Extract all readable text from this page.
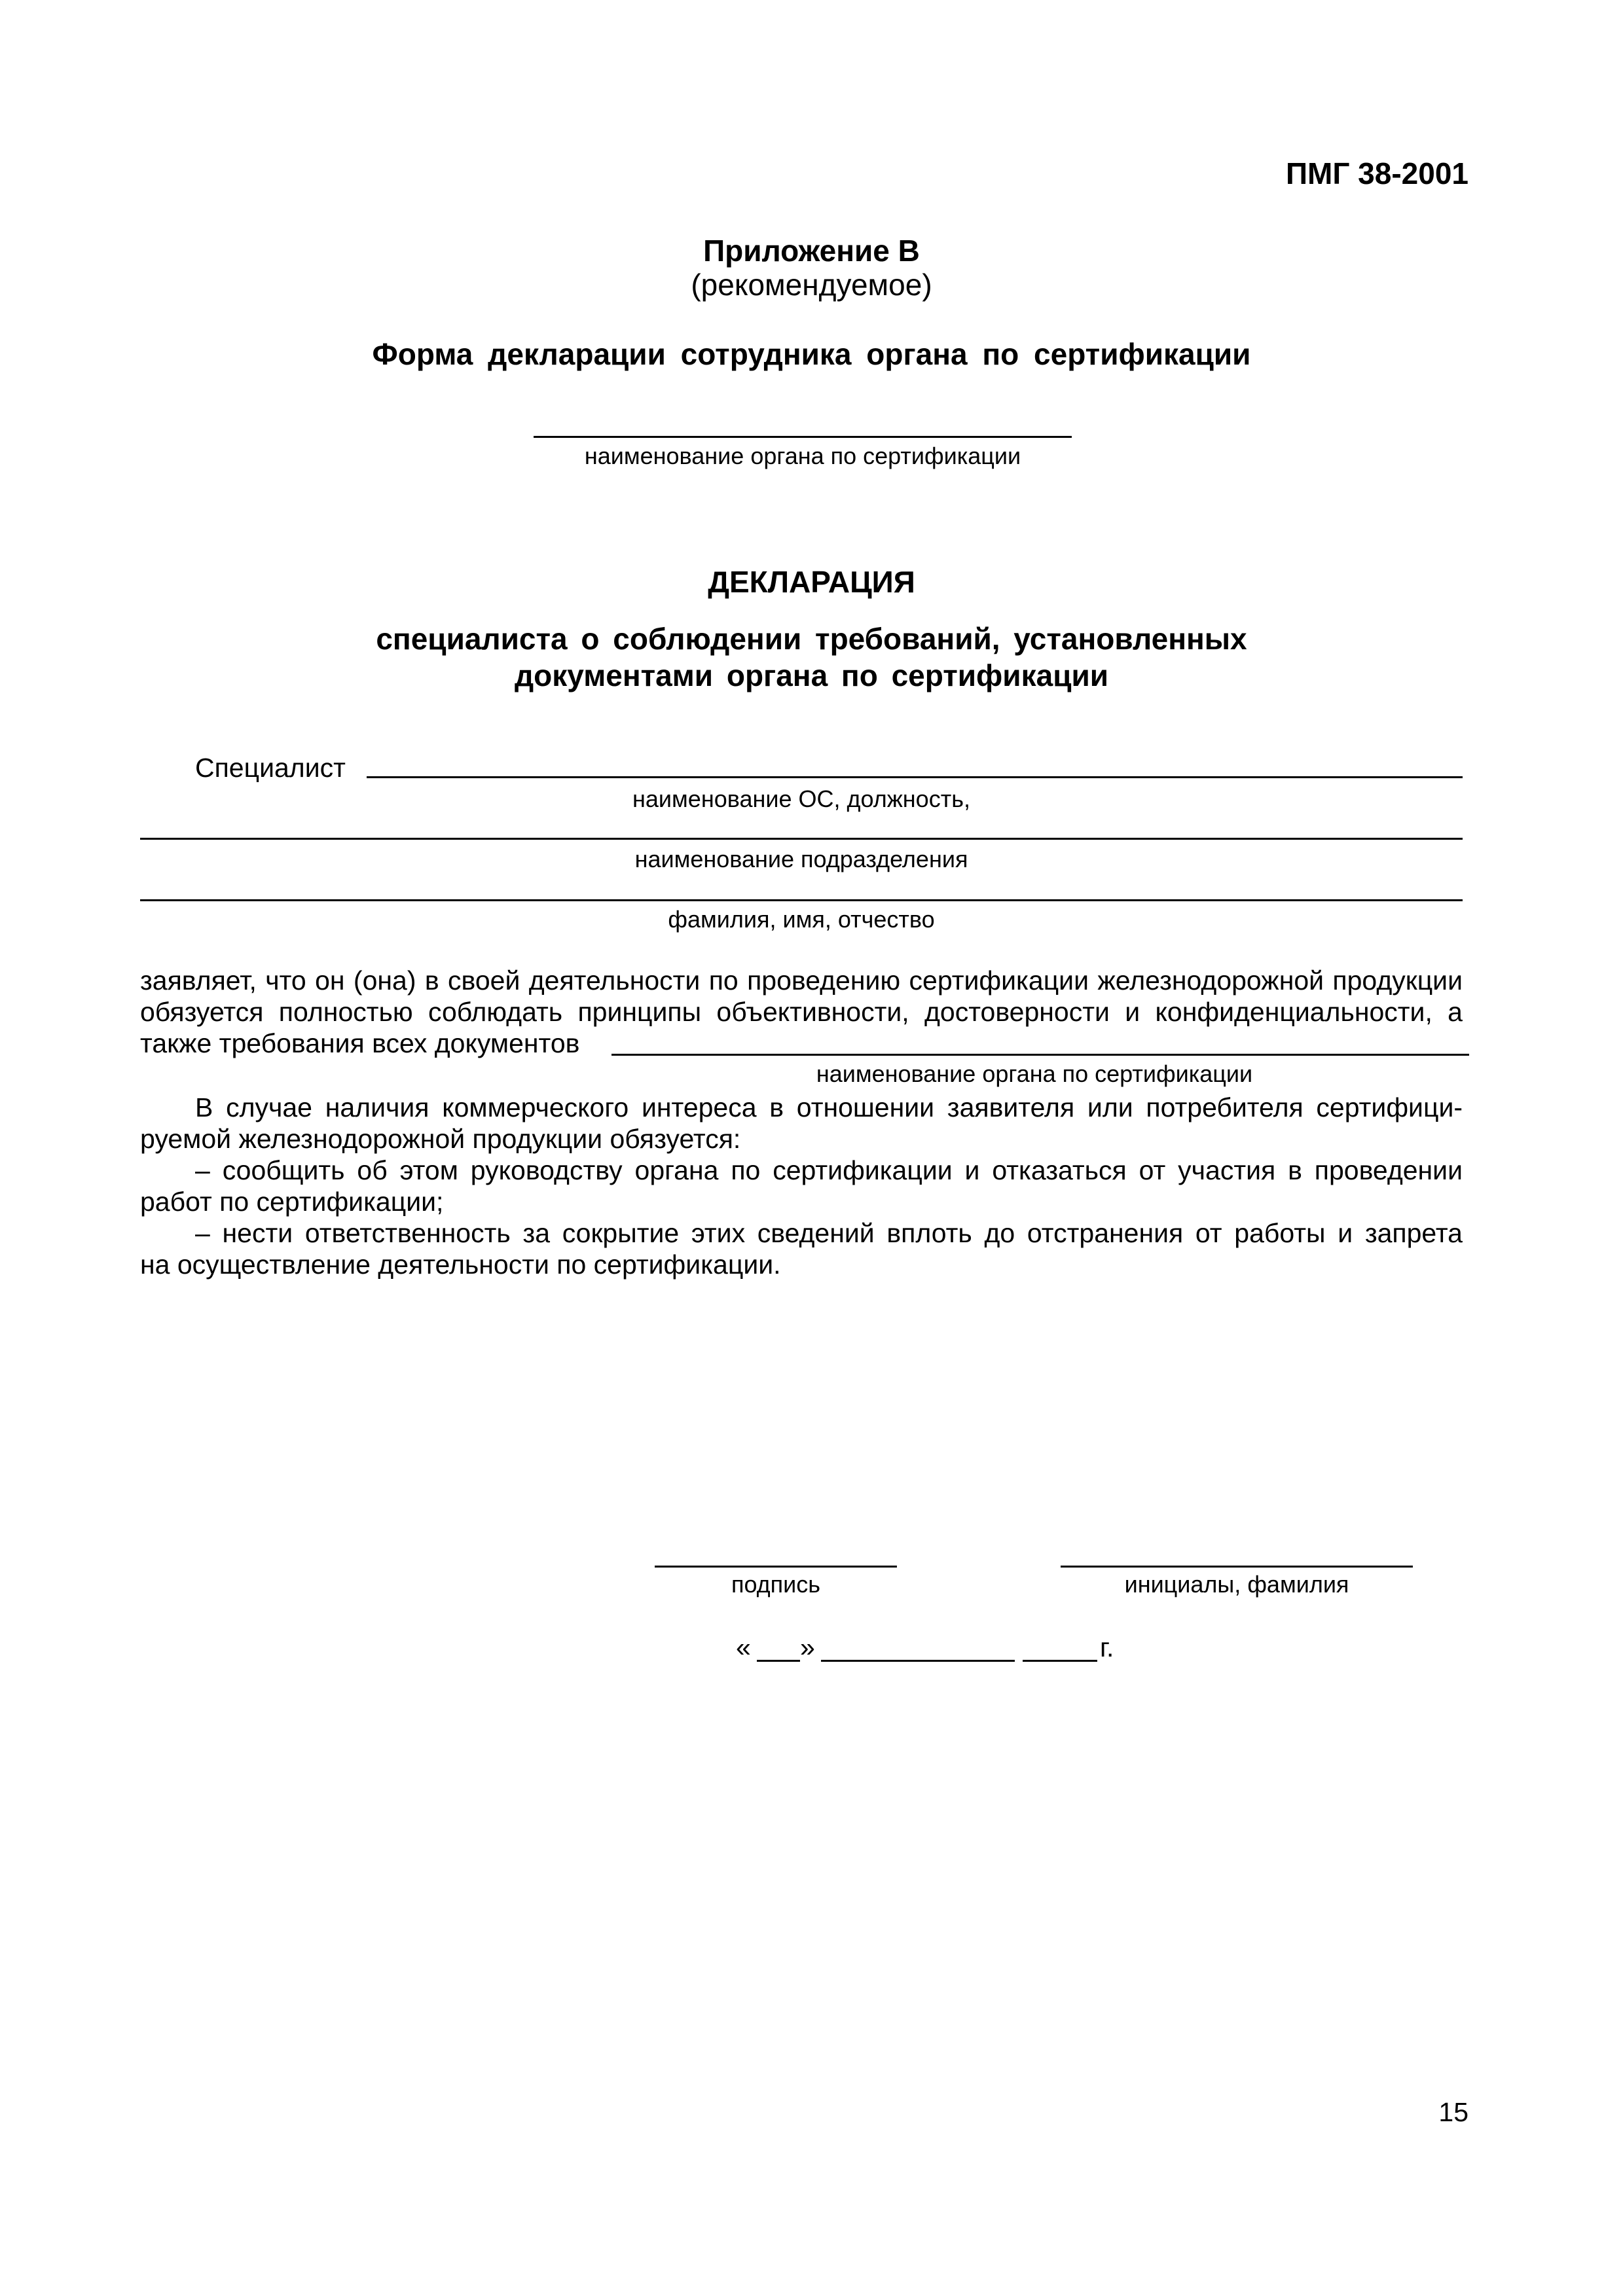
ПМГ 38-2001
Приложение В
(рекомендуемое)
Форма декларации сотрудника органа по сертификации
наименование органа по сертификации
ДЕКЛАРАЦИЯ
специалиста о соблюдении требований, установленных
документами органа по сертификации
Специалист
наименование ОС, должность,
наименование подразделения
фамилия, имя, отчество
заявляет, что он (она) в своей деятельности по проведению сертификации железнодорожной продукции
обязуется полностью соблюдать принципы объективности, достоверности и конфиденциальности, а
также требования всех документов
наименование органа по сертификации
В случае наличия коммерческого интереса в отношении заявителя или потребителя сертифици-
руемой железнодорожной продукции обязуется:
– сообщить об этом руководству органа по сертификации и отказаться от участия в проведении
работ по сертификации;
– нести ответственность за сокрытие этих сведений вплоть до отстранения от работы и запрета
на осуществление деятельности по сертификации.
подпись	инициалы, фамилия
« »	г.
15
